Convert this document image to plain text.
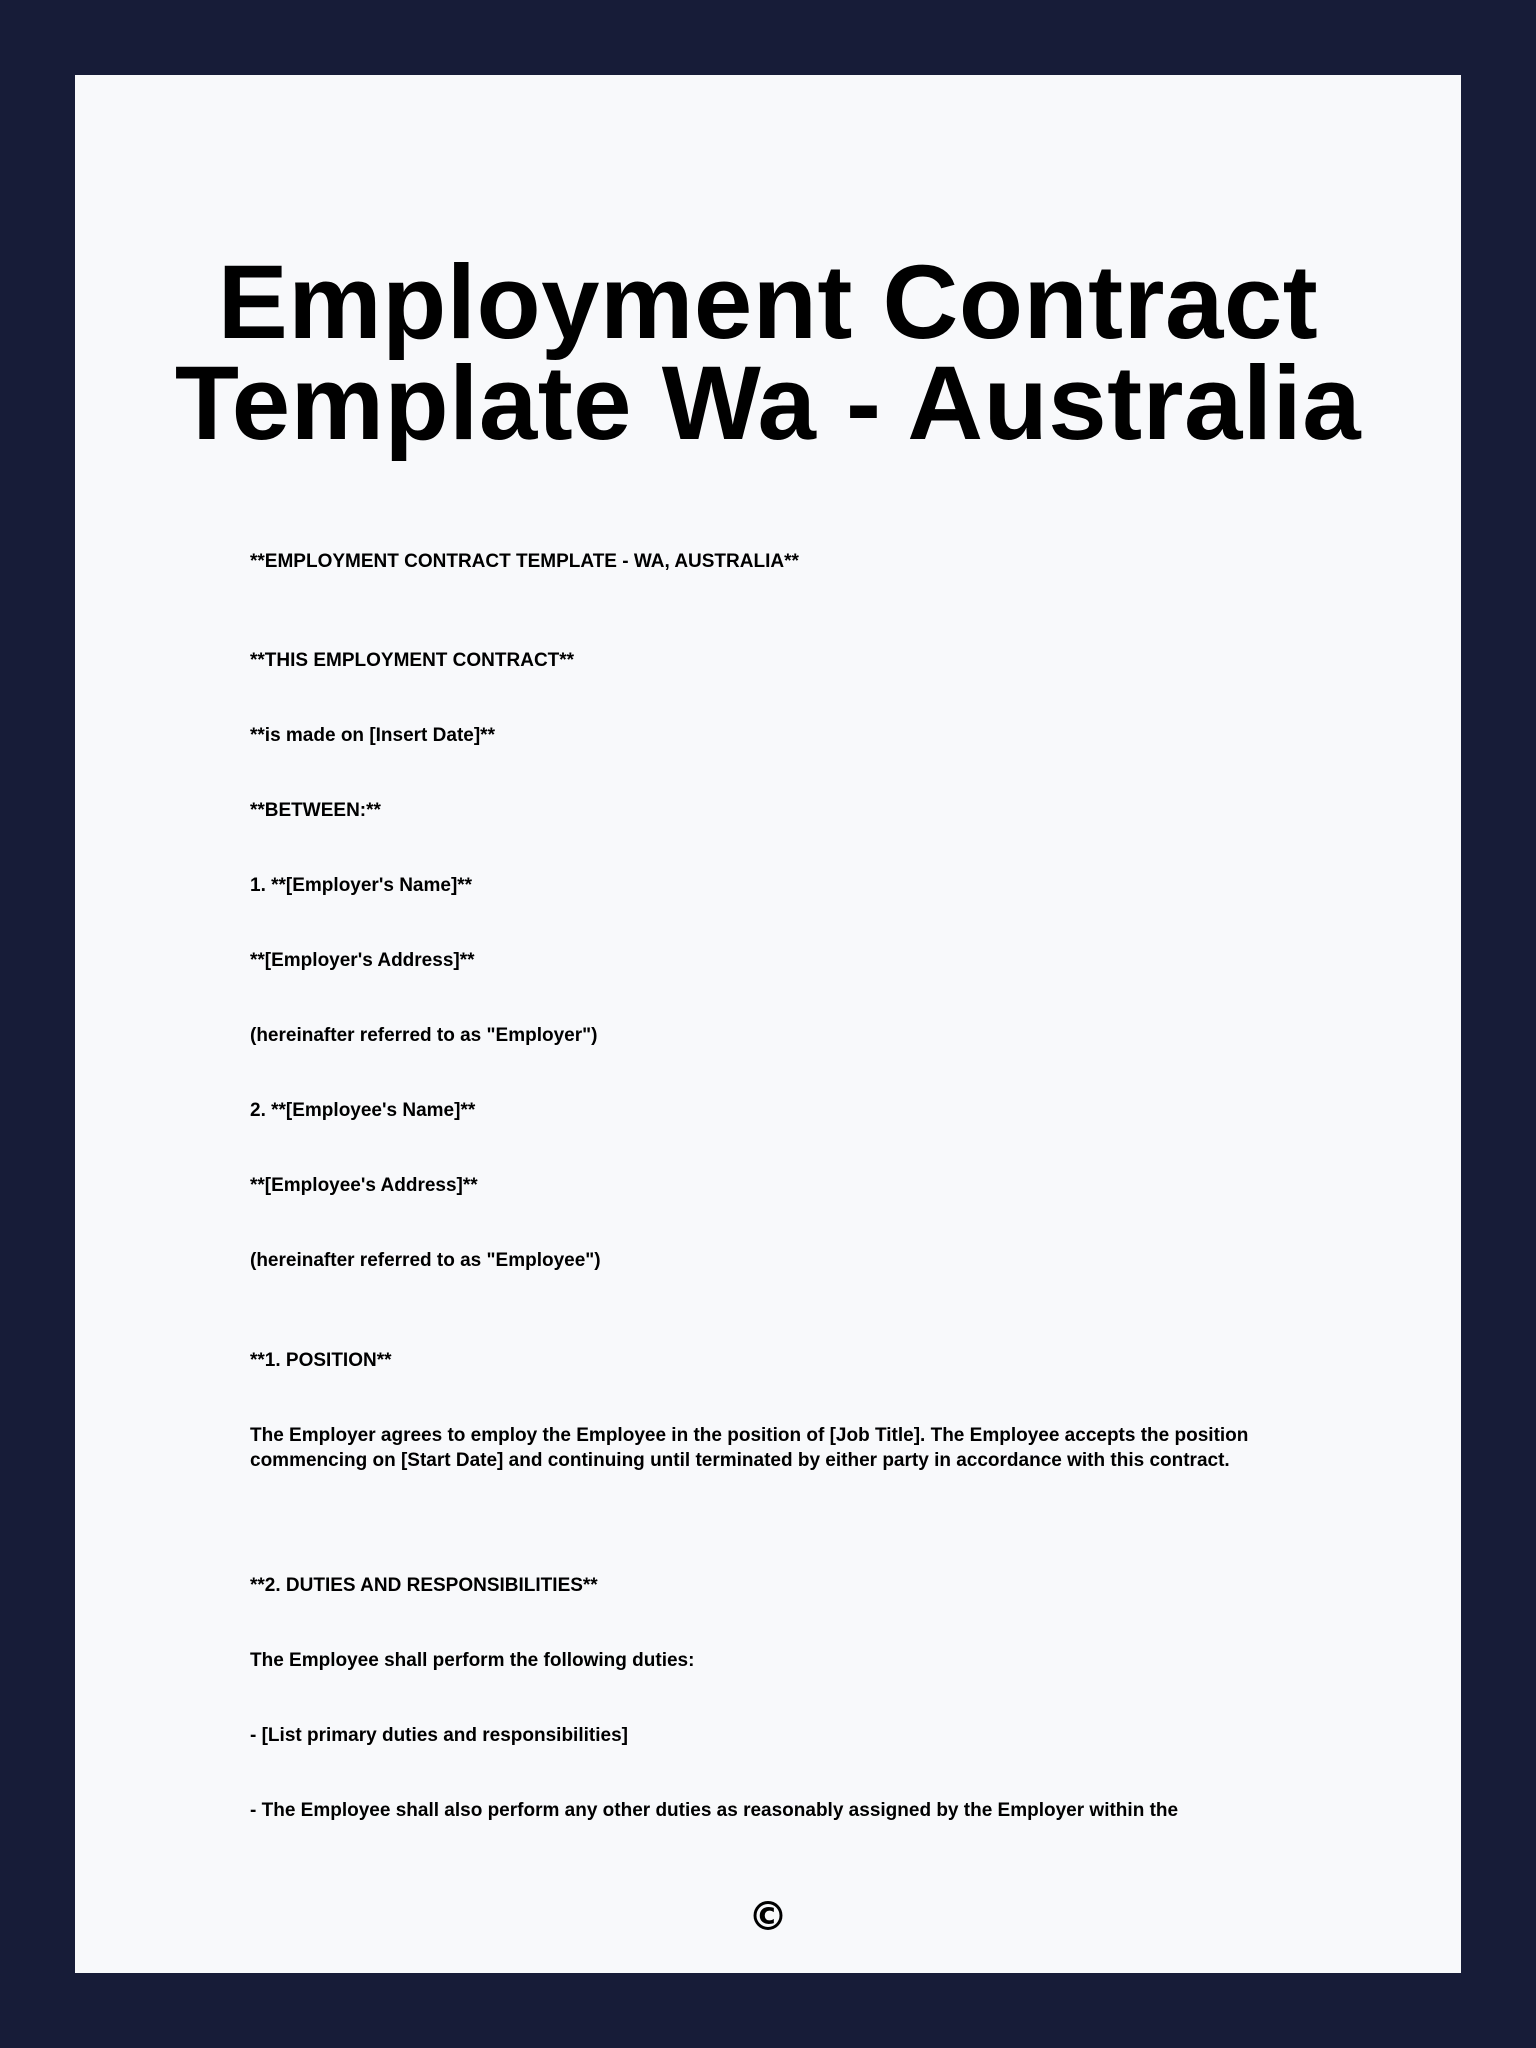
Employment Contract Template Wa - Australia

**EMPLOYMENT CONTRACT TEMPLATE - WA, AUSTRALIA**

**THIS EMPLOYMENT CONTRACT**

**is made on [Insert Date]**

**BETWEEN:**

1. **[Employer's Name]**

**[Employer's Address]**

(hereinafter referred to as "Employer")

2. **[Employee's Name]**

**[Employee's Address]**

(hereinafter referred to as "Employee")

**1. POSITION**

The Employer agrees to employ the Employee in the position of [Job Title]. The Employee accepts the position commencing on [Start Date] and continuing until terminated by either party in accordance with this contract.

**2. DUTIES AND RESPONSIBILITIES**

The Employee shall perform the following duties:

- [List primary duties and responsibilities]

- The Employee shall also perform any other duties as reasonably assigned by the Employer within the

©
